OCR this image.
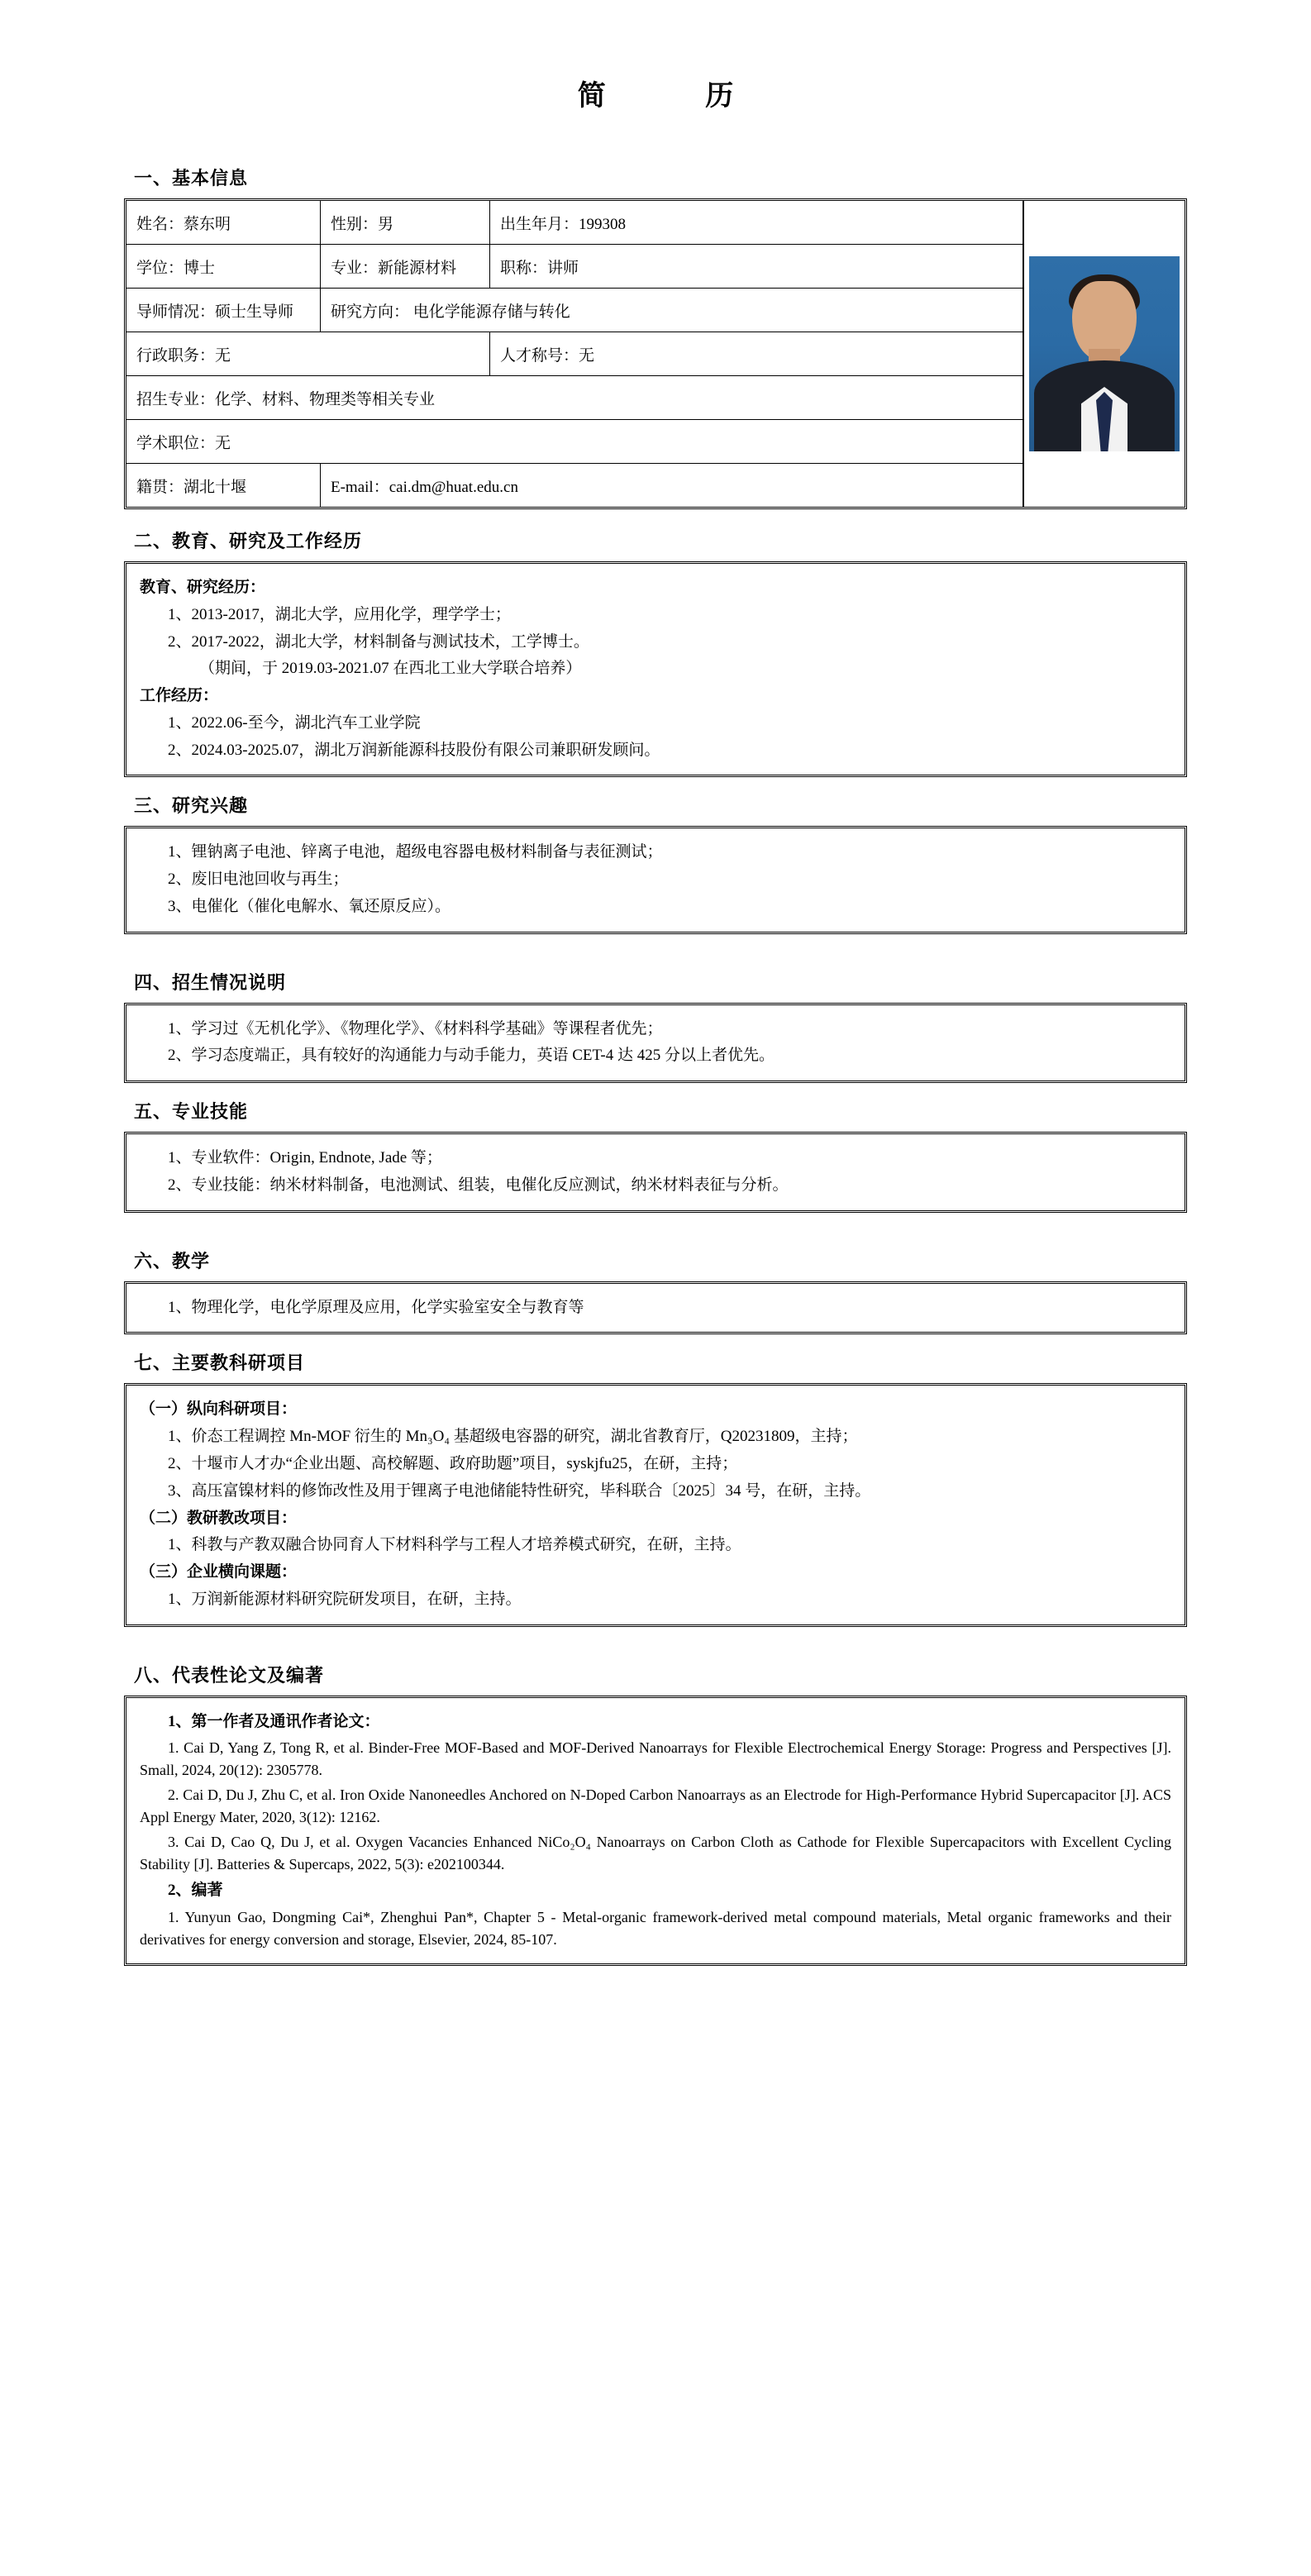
简 历
一、基本信息
姓名：蔡东明	性别：男	出生年月：199308
学位：博士	专业：新能源材料	职称：讲师
导师情况：硕士生导师	研究方向： 电化学能源存储与转化	
行政职务：无		人才称号：无
招生专业：化学、材料、物理类等相关专业		
学术职位：无		
籍贯：湖北十堰	E-mail：cai.dm@huat.edu.cn	
二、教育、研究及工作经历
教育、研究经历：
1、2013-2017，湖北大学，应用化学，理学学士；
2、2017-2022，湖北大学，材料制备与测试技术，工学博士。
（期间，于 2019.03-2021.07 在西北工业大学联合培养）
工作经历：
1、2022.06-至今，湖北汽车工业学院
2、2024.03-2025.07，湖北万润新能源科技股份有限公司兼职研发顾问。
三、研究兴趣
1、锂钠离子电池、锌离子电池，超级电容器电极材料制备与表征测试；
2、废旧电池回收与再生；
3、电催化（催化电解水、氧还原反应）。
四、招生情况说明
1、学习过《无机化学》、《物理化学》、《材料科学基础》等课程者优先；
2、学习态度端正，具有较好的沟通能力与动手能力，英语 CET-4 达 425 分以上者优先。
五、专业技能
1、专业软件：Origin, Endnote, Jade 等；
2、专业技能：纳米材料制备，电池测试、组装，电催化反应测试，纳米材料表征与分析。
六、教学
1、物理化学，电化学原理及应用，化学实验室安全与教育等
七、主要教科研项目
（一）纵向科研项目：
1、价态工程调控 Mn-MOF 衍生的 Mn₃O₄ 基超级电容器的研究，湖北省教育厅，Q20231809，主持；
2、十堰市人才办“企业出题、高校解题、政府助题”项目，syskjfu25，在研，主持；
3、高压富镍材料的修饰改性及用于锂离子电池储能特性研究，毕科联合〔2025〕34 号，在研，主持。
（二）教研教改项目：
1、科教与产教双融合协同育人下材料科学与工程人才培养模式研究，在研，主持。
（三）企业横向课题：
1、万润新能源材料研究院研发项目，在研，主持。
八、代表性论文及编著
1、第一作者及通讯作者论文：
1. Cai D, Yang Z, Tong R, et al. Binder-Free MOF-Based and MOF-Derived Nanoarrays for Flexible Electrochemical Energy Storage: Progress and Perspectives [J]. Small, 2024, 20(12): 2305778.
2. Cai D, Du J, Zhu C, et al. Iron Oxide Nanoneedles Anchored on N-Doped Carbon Nanoarrays as an Electrode for High-Performance Hybrid Supercapacitor [J]. ACS Appl Energy Mater, 2020, 3(12): 12162.
3. Cai D, Cao Q, Du J, et al. Oxygen Vacancies Enhanced NiCo₂O₄ Nanoarrays on Carbon Cloth as Cathode for Flexible Supercapacitors with Excellent Cycling Stability [J]. Batteries & Supercaps, 2022, 5(3): e202100344.
2、编著
1. Yunyun Gao, Dongming Cai*, Zhenghui Pan*, Chapter 5 - Metal-organic framework-derived metal compound materials, Metal organic frameworks and their derivatives for energy conversion and storage, Elsevier, 2024, 85-107.
